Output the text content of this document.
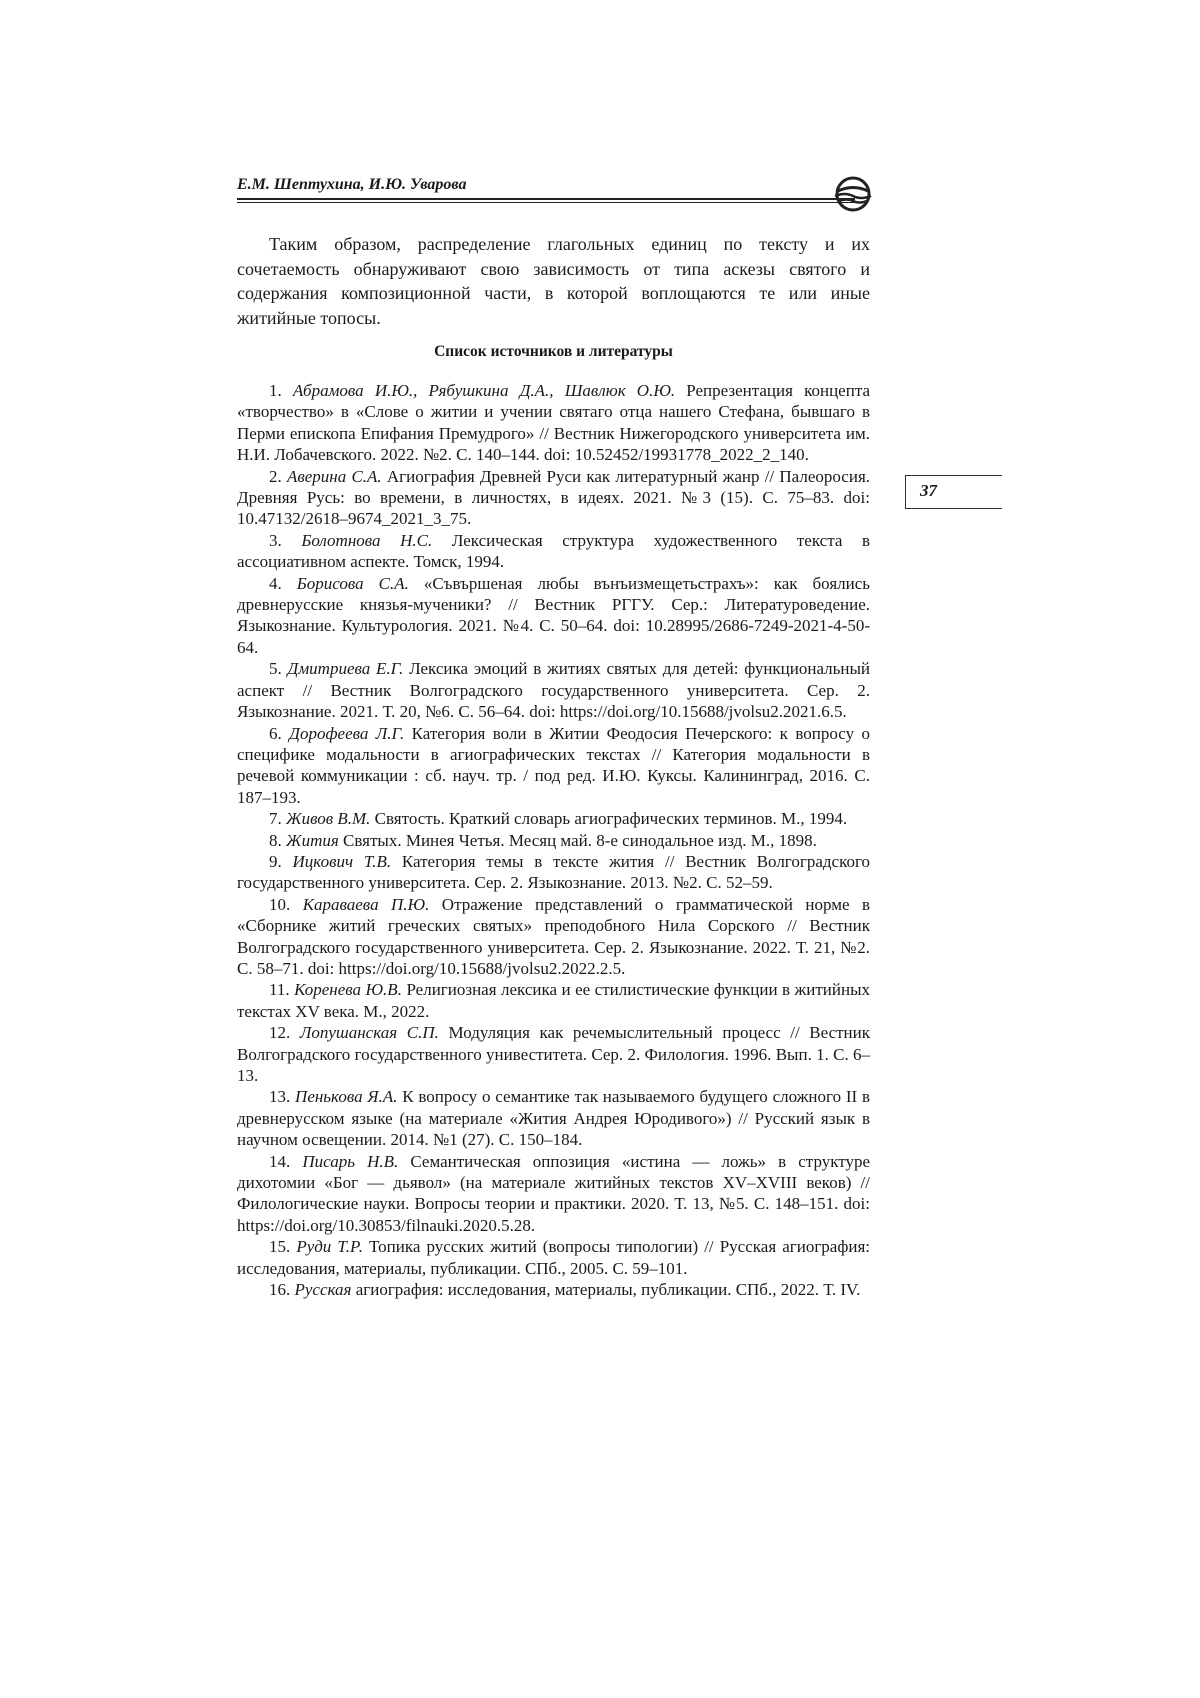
Е.М. Шептухина, И.Ю. Уварова

Таким образом, распределение глагольных единиц по тексту и их сочетаемость обнаруживают свою зависимость от типа аскезы святого и содержания композиционной части, в которой воплощаются те или иные житийные топосы.

Список источников и литературы

1. Абрамова И.Ю., Рябушкина Д.А., Шавлюк О.Ю. Репрезентация концепта «творчество» в «Слове о житии и учении святаго отца нашего Стефана, бывшаго в Перми епископа Епифания Премудрого» // Вестник Нижегородского университета им. Н.И. Лобачевского. 2022. №2. С. 140–144. doi: 10.52452/19931778_2022_2_140.

2. Аверина С.А. Агиография Древней Руси как литературный жанр // Палеоросия. Древняя Русь: во времени, в личностях, в идеях. 2021. №3 (15). С. 75–83. doi: 10.47132/2618–9674_2021_3_75.

3. Болотнова Н.С. Лексическая структура художественного текста в ассоциативном аспекте. Томск, 1994.

4. Борисова С.А. «Съвършеная любы вънъизмещетьстрахъ»: как боялись древнерусские князья-мученики? // Вестник РГГУ. Сер.: Литературоведение. Языкознание. Культурология. 2021. №4. С. 50–64. doi: 10.28995/2686-7249-2021-4-50-64.

5. Дмитриева Е.Г. Лексика эмоций в житиях святых для детей: функциональный аспект // Вестник Волгоградского государственного университета. Сер. 2. Языкознание. 2021. Т. 20, №6. С. 56–64. doi: https://doi.org/10.15688/jvolsu2.2021.6.5.

6. Дорофеева Л.Г. Категория воли в Житии Феодосия Печерского: к вопросу о специфике модальности в агиографических текстах // Категория модальности в речевой коммуникации : сб. науч. тр. / под ред. И.Ю. Куксы. Калининград, 2016. С. 187–193.

7. Живов В.М. Святость. Краткий словарь агиографических терминов. М., 1994.

8. Жития Святых. Минея Четья. Месяц май. 8-е синодальное изд. М., 1898.

9. Ицкович Т.В. Категория темы в тексте жития // Вестник Волгоградского государственного университета. Сер. 2. Языкознание. 2013. №2. С. 52–59.

10. Караваева П.Ю. Отражение представлений о грамматической норме в «Сборнике житий греческих святых» преподобного Нила Сорского // Вестник Волгоградского государственного университета. Сер. 2. Языкознание. 2022. Т. 21, №2. С. 58–71. doi: https://doi.org/10.15688/jvolsu2.2022.2.5.

11. Коренева Ю.В. Религиозная лексика и ее стилистические функции в житийных текстах XV века. М., 2022.

12. Лопушанская С.П. Модуляция как речемыслительный процесс // Вестник Волгоградского государственного унивеститета. Сер. 2. Филология. 1996. Вып. 1. С. 6–13.

13. Пенькова Я.А. К вопросу о семантике так называемого будущего сложного II в древнерусском языке (на материале «Жития Андрея Юродивого») // Русский язык в научном освещении. 2014. №1 (27). С. 150–184.

14. Писарь Н.В. Семантическая оппозиция «истина — ложь» в структуре дихотомии «Бог — дьявол» (на материале житийных текстов XV–XVIII веков) // Филологические науки. Вопросы теории и практики. 2020. Т. 13, №5. С. 148–151. doi: https://doi.org/10.30853/filnauki.2020.5.28.

15. Руди Т.Р. Топика русских житий (вопросы типологии) // Русская агиография: исследования, материалы, публикации. СПб., 2005. С. 59–101.

16. Русская агиография: исследования, материалы, публикации. СПб., 2022. Т. IV.

37
